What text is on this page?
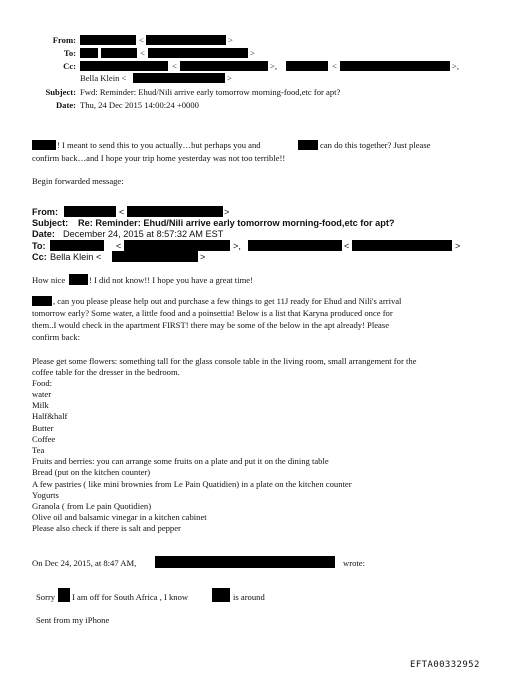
From:	<	>
To:	<	>
Cc:	<	>,	<	>,
Bella Klein <	>
Subject: Fwd: Reminder: Ehud/Nili arrive early tomorrow morning-food,etc for apt?
Date: Thu, 24 Dec 2015 14:00:24 +0000
! I meant to send this to you actually…but perhaps you and	can do this together? Just please
confirm back…and I hope your trip home yesterday was not too terrible!!
Begin forwarded message:
From:	<	>
Subject: Re: Reminder: Ehud/Nili arrive early tomorrow morning-food,etc for apt?
Date: December 24, 2015 at 8:57:32 AM EST
To:	<	>,	<	>
Cc: Bella Klein <	>
How nice	! I did not know!! I hope you have a great time!
, can you please please help out and purchase a few things to get 11J ready for Ehud and Nili's arrival
tomorrow early? Some water, a little food and a poinsettia! Below is a list that Karyna produced once for
them..I would check in the apartment FIRST! there may be some of the below in the apt already! Please
confirm back:
Please get some flowers: something tall for the glass console table in the living room, small arrangement for the
coffee table for the dresser in the bedroom.
Food:
water
Milk
Half&half
Butter
Coffee
Tea
Fruits and berries: you can arrange some fruits on a plate and put it on the dining table
Bread (put on the kitchen counter)
A few pastries ( like mini brownies from Le Pain Quatidien) in a plate on the kitchen counter
Yogurts
Granola ( from Le pain Quotidien)
Olive oil and balsamic vinegar in a kitchen cabinet
Please also check if there is salt and pepper
On Dec 24, 2015, at 8:47 AM,	wrote:
Sorry I am off for South Africa , I know	is around
Sent from my iPhone
EFTA00332952
